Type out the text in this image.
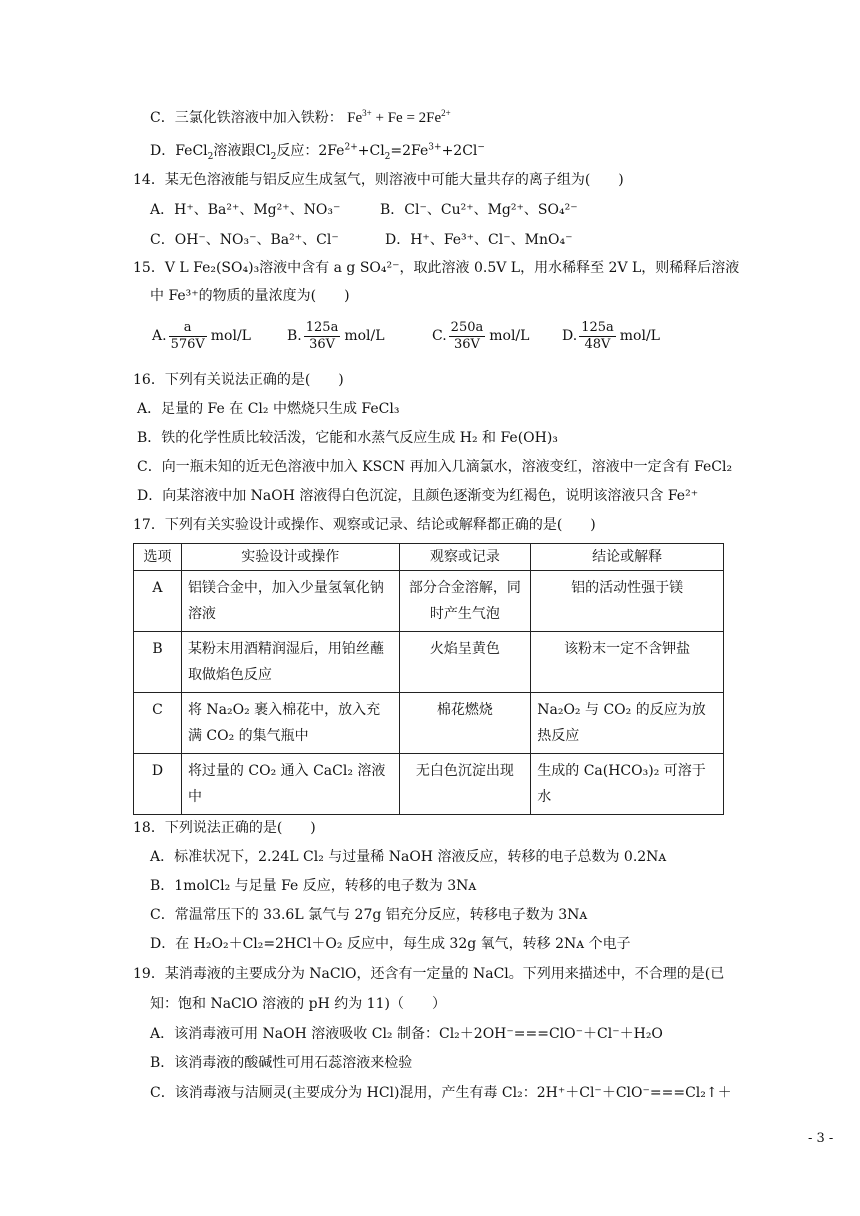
C．三氯化铁溶液中加入铁粉： $Fe^{3+} + Fe = 2Fe^{2+}$
D．FeCl$_2$溶液跟$Cl_2$反应：$2Fe^{2+}+Cl_2=2Fe^{3+}+2Cl^-$
14．某无色溶液能与铝反应生成氢气，则溶液中可能大量共存的离子组为(　　)
A．H⁺、Ba²⁺、Mg²⁺、NO₃⁻	B．Cl⁻、Cu²⁺、Mg²⁺、SO₄²⁻
C．OH⁻、NO₃⁻、Ba²⁺、Cl⁻	D．H⁺、Fe³⁺、Cl⁻、MnO₄⁻
15．V L Fe₂(SO₄)₃溶液中含有 a g SO₄²⁻，取此溶液 0.5V L，用水稀释至 2V L，则稀释后溶液
中 Fe³⁺的物质的量浓度为(　　)
A. $\frac{a}{576V} mol/L$	B. $\frac{125a}{36V} mol/L$	C. $\frac{250a}{36V} mol/L$ D. $\frac{125a}{48V} mol/L$
16．下列有关说法正确的是(　　)
A．足量的 Fe 在 Cl₂ 中燃烧只生成 FeCl₃
B．铁的化学性质比较活泼，它能和水蒸气反应生成 H₂ 和 Fe(OH)₃
C．向一瓶未知的近无色溶液中加入 KSCN 再加入几滴氯水，溶液变红，溶液中一定含有 FeCl₂
D．向某溶液中加 NaOH 溶液得白色沉淀，且颜色逐渐变为红褐色，说明该溶液只含 Fe²⁺
17．下列有关实验设计或操作、观察或记录、结论或解释都正确的是(　　)
选项	实验设计或操作	观察或记录	结论或解释
A	铝镁合金中，加入少量氢氧化钠溶液	部分合金溶解，同时产生气泡	铝的活动性强于镁
B	某粉末用酒精润湿后，用铂丝蘸取做焰色反应	火焰呈黄色	该粉末一定不含钾盐
C	将 Na₂O₂ 裹入棉花中，放入充满 CO₂ 的集气瓶中	棉花燃烧	Na₂O₂ 与 CO₂ 的反应为放热反应
D	将过量的 CO₂ 通入 CaCl₂ 溶液中	无白色沉淀出现	生成的 Ca(HCO₃)₂ 可溶于水
18．下列说法正确的是(　　)
A．标准状况下，2.24L Cl₂ 与过量稀 NaOH 溶液反应，转移的电子总数为 0.2Nᴀ
B．1molCl₂ 与足量 Fe 反应，转移的电子数为 3Nᴀ
C．常温常压下的 33.6L 氯气与 27g 铝充分反应，转移电子数为 3Nᴀ
D．在 H₂O₂＋Cl₂=2HCl＋O₂ 反应中，每生成 32g 氧气，转移 2Nᴀ 个电子
19．某消毒液的主要成分为 NaClO，还含有一定量的 NaCl。下列用来描述中，不合理的是(已
知：饱和 NaClO 溶液的 pH 约为 11)（　　）
A．该消毒液可用 NaOH 溶液吸收 Cl₂ 制备：Cl₂＋2OH⁻===ClO⁻＋Cl⁻＋H₂O
B．该消毒液的酸碱性可用石蕊溶液来检验
C．该消毒液与洁厕灵(主要成分为 HCl)混用，产生有毒 Cl₂：2H⁺＋Cl⁻＋ClO⁻===Cl₂↑＋
- 3 -
